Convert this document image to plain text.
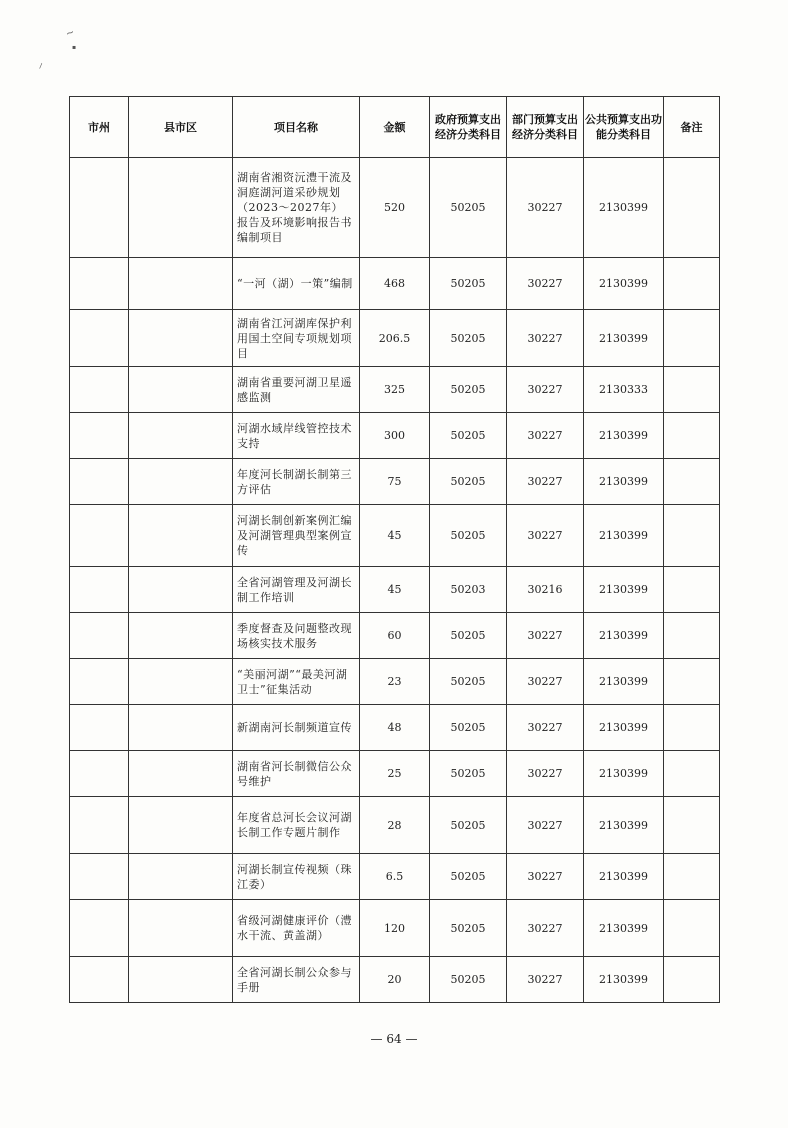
~
▪
∖
市州	县市区	项目名称	金额	政府预算支出经济分类科目	部门预算支出经济分类科目	公共预算支出功能分类科目	备注
		湖南省湘资沅澧干流及洞庭湖河道采砂规划（2023～2027年）报告及环境影响报告书编制项目	520	50205	30227	2130399	
		“一河（湖）一策”编制	468	50205	30227	2130399	
		湖南省江河湖库保护利用国土空间专项规划项目	206.5	50205	30227	2130399	
		湖南省重要河湖卫星遥感监测	325	50205	30227	2130333	
		河湖水域岸线管控技术支持	300	50205	30227	2130399	
		年度河长制湖长制第三方评估	75	50205	30227	2130399	
		河湖长制创新案例汇编及河湖管理典型案例宣传	45	50205	30227	2130399	
		全省河湖管理及河湖长制工作培训	45	50203	30216	2130399	
		季度督查及问题整改现场核实技术服务	60	50205	30227	2130399	
		“美丽河湖”“最美河湖卫士”征集活动	23	50205	30227	2130399	
		新湖南河长制频道宣传	48	50205	30227	2130399	
		湖南省河长制微信公众号维护	25	50205	30227	2130399	
		年度省总河长会议河湖长制工作专题片制作	28	50205	30227	2130399	
		河湖长制宣传视频（珠江委）	6.5	50205	30227	2130399	
		省级河湖健康评价（澧水干流、黄盖湖）	120	50205	30227	2130399	
		全省河湖长制公众参与手册	20	50205	30227	2130399	
— 64 —
